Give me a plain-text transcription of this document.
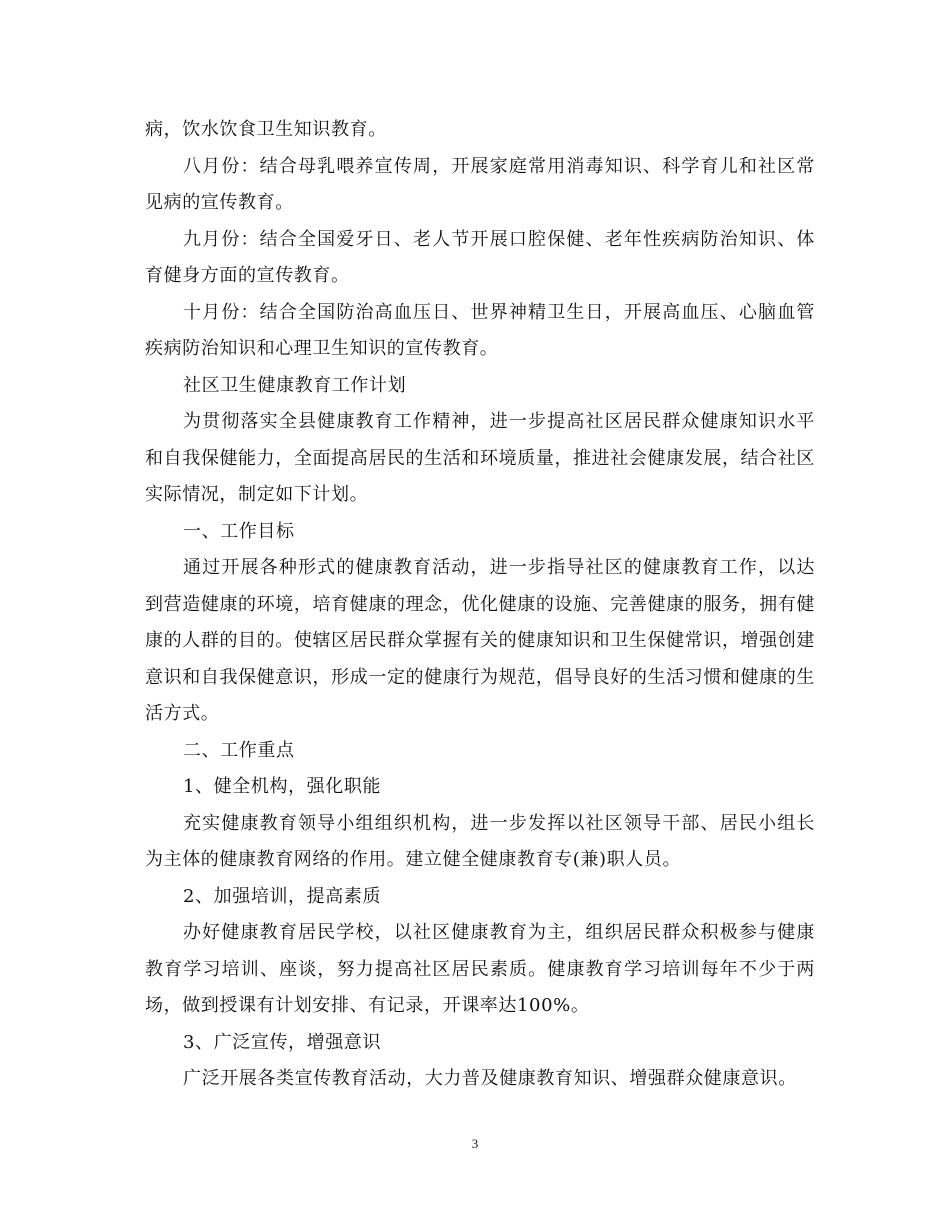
病，饮水饮食卫生知识教育。

八月份：结合母乳喂养宣传周，开展家庭常用消毒知识、科学育儿和社区常见病的宣传教育。

九月份：结合全国爱牙日、老人节开展口腔保健、老年性疾病防治知识、体育健身方面的宣传教育。

十月份：结合全国防治高血压日、世界神精卫生日，开展高血压、心脑血管疾病防治知识和心理卫生知识的宣传教育。

社区卫生健康教育工作计划

为贯彻落实全县健康教育工作精神，进一步提高社区居民群众健康知识水平和自我保健能力，全面提高居民的生活和环境质量，推进社会健康发展，结合社区实际情况，制定如下计划。

一、工作目标

通过开展各种形式的健康教育活动，进一步指导社区的健康教育工作，以达到营造健康的环境，培育健康的理念，优化健康的设施、完善健康的服务，拥有健康的人群的目的。使辖区居民群众掌握有关的健康知识和卫生保健常识，增强创建意识和自我保健意识，形成一定的健康行为规范，倡导良好的生活习惯和健康的生活方式。

二、工作重点

1、健全机构，强化职能

充实健康教育领导小组组织机构，进一步发挥以社区领导干部、居民小组长为主体的健康教育网络的作用。建立健全健康教育专(兼)职人员。

2、加强培训，提高素质

办好健康教育居民学校，以社区健康教育为主，组织居民群众积极参与健康教育学习培训、座谈，努力提高社区居民素质。健康教育学习培训每年不少于两场，做到授课有计划安排、有记录，开课率达100%。

3、广泛宣传，增强意识

广泛开展各类宣传教育活动，大力普及健康教育知识、增强群众健康意识。

3
